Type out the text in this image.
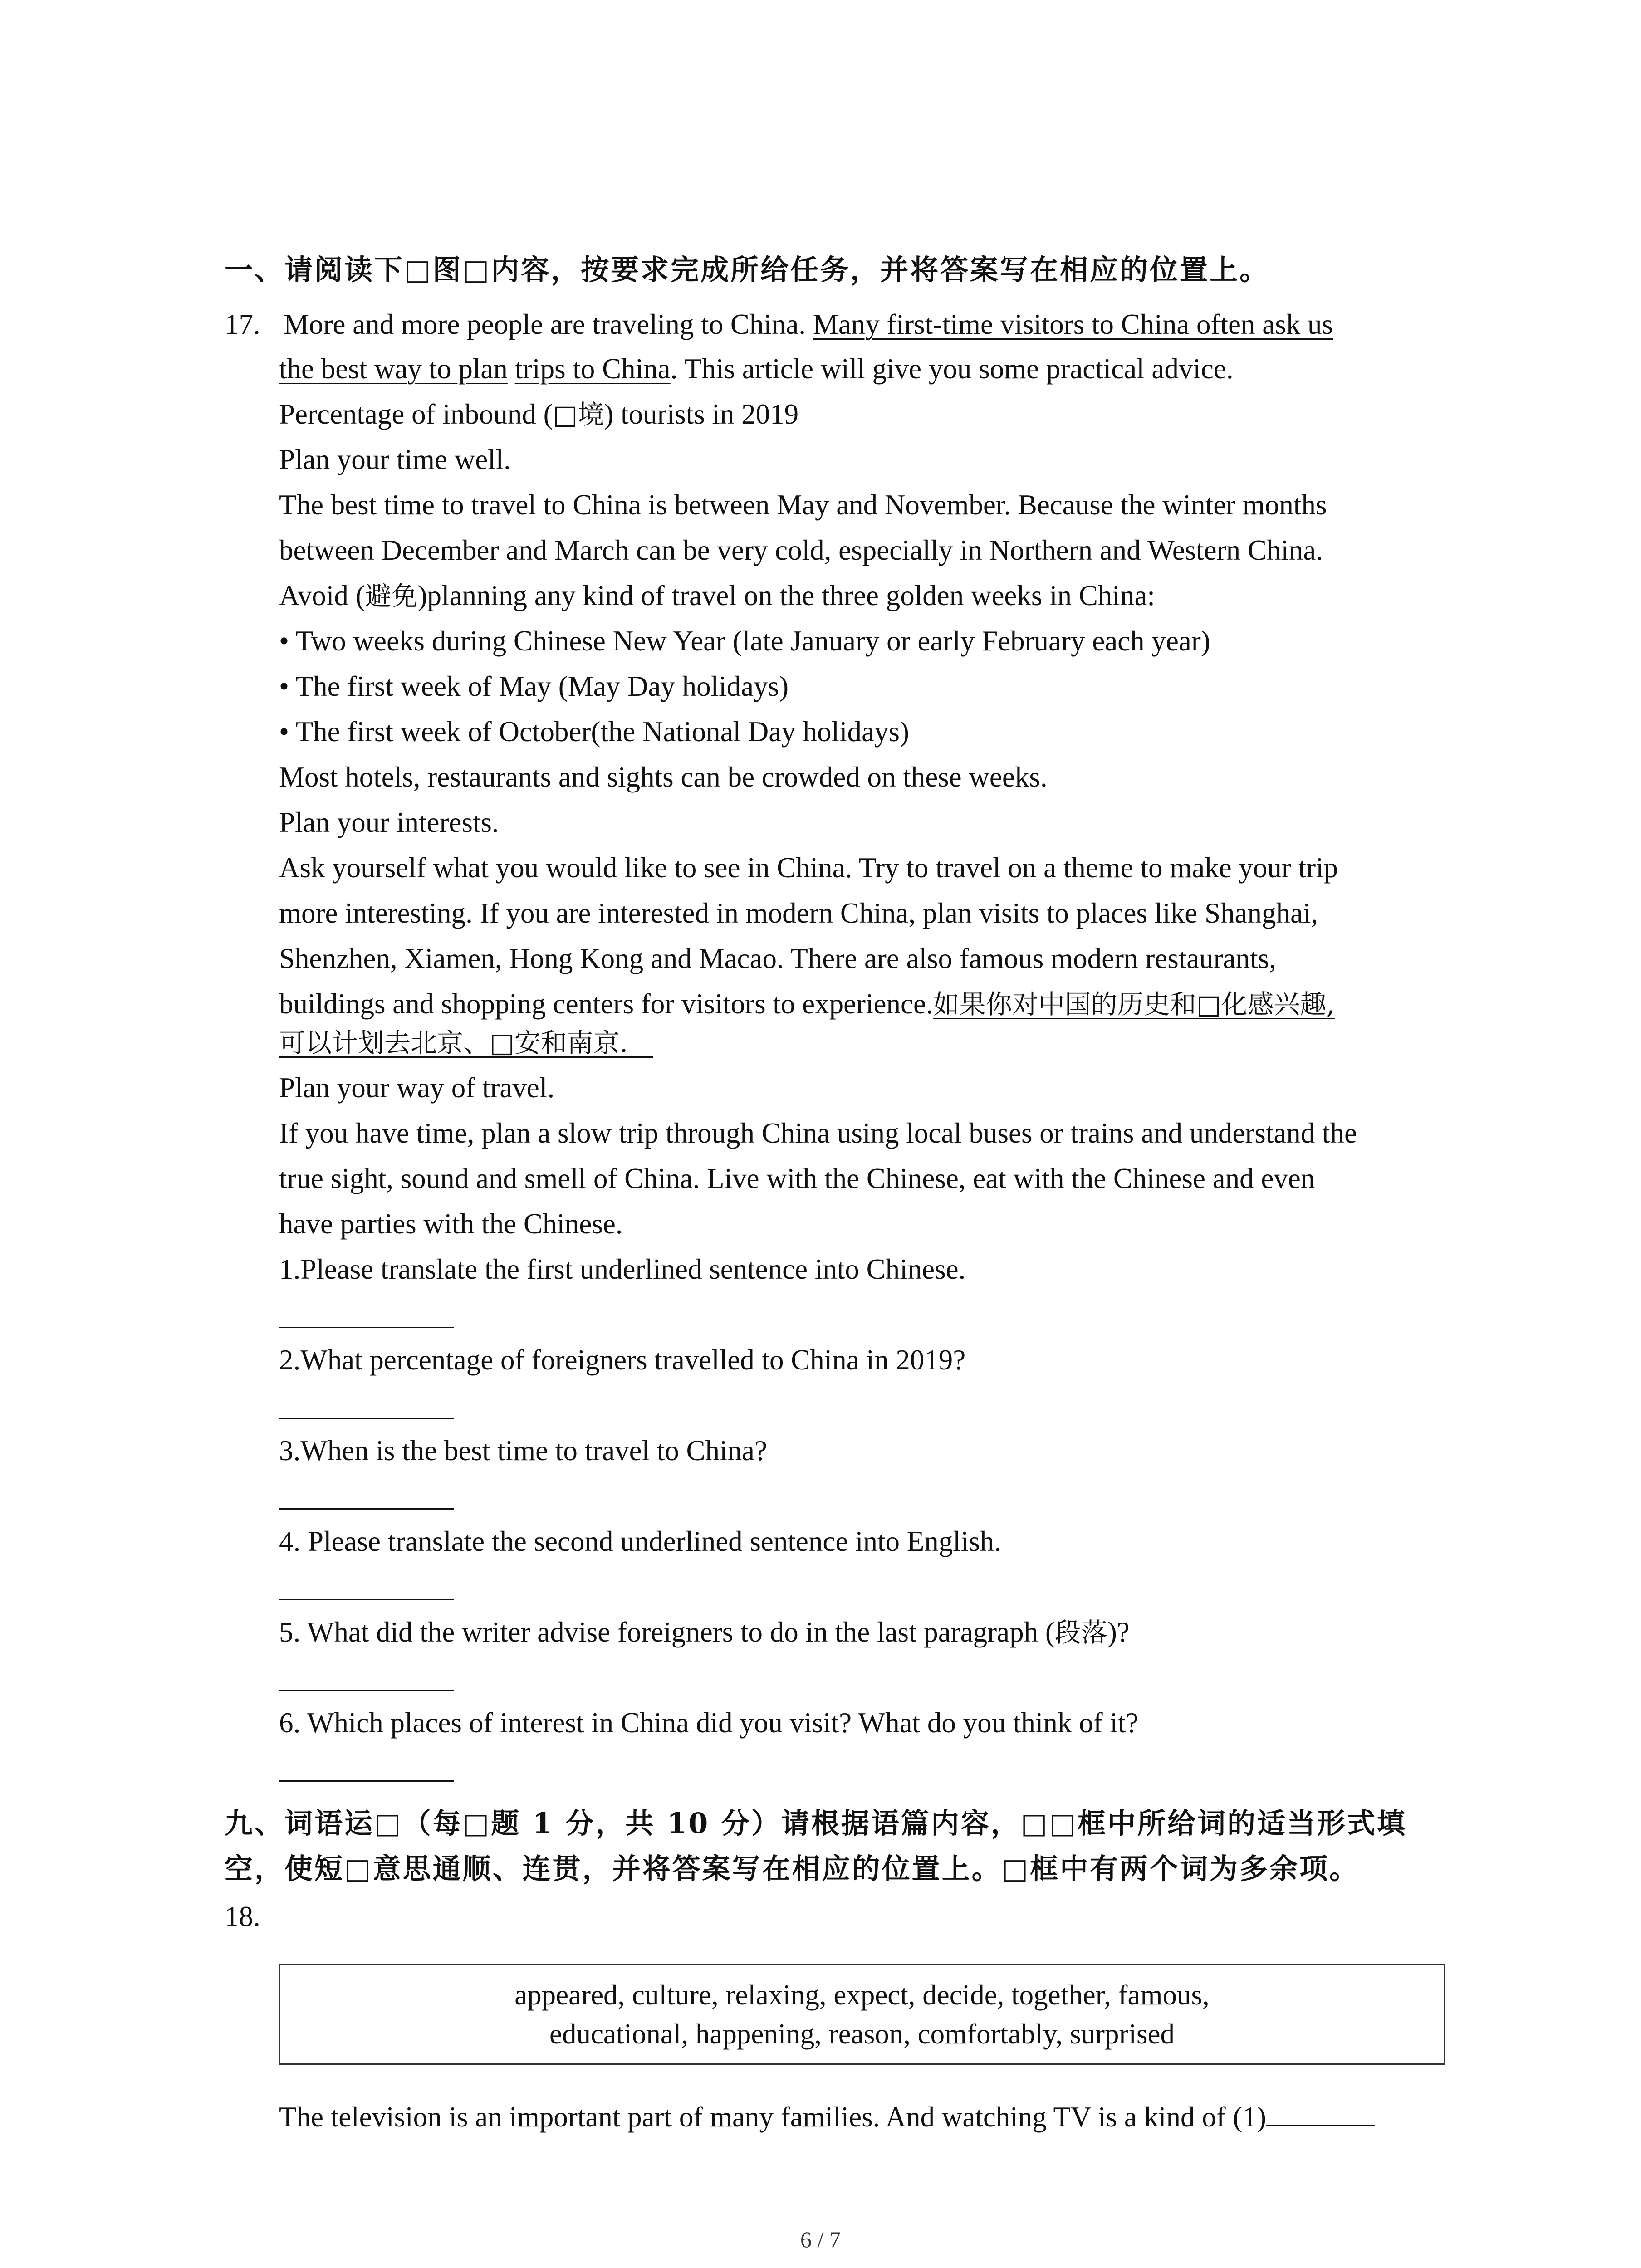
一、请阅读下□图□内容，按要求完成所给任务，并将答案写在相应的位置上。
17. More and more people are traveling to China. Many first-time visitors to China often ask us
the best way to plan trips to China. This article will give you some practical advice.
Percentage of inbound (□境) tourists in 2019
Plan your time well.
The best time to travel to China is between May and November. Because the winter months
between December and March can be very cold, especially in Northern and Western China.
Avoid (避免)planning any kind of travel on the three golden weeks in China:
• Two weeks during Chinese New Year (late January or early February each year)
• The first week of May (May Day holidays)
• The first week of October(the National Day holidays)
Most hotels, restaurants and sights can be crowded on these weeks.
Plan your interests.
Ask yourself what you would like to see in China. Try to travel on a theme to make your trip
more interesting. If you are interested in modern China, plan visits to places like Shanghai,
Shenzhen, Xiamen, Hong Kong and Macao. There are also famous modern restaurants,
buildings and shopping centers for visitors to experience.如果你对中国的历史和□化感兴趣,
可以计划去北京、□安和南京.
Plan your way of travel.
If you have time, plan a slow trip through China using local buses or trains and understand the
true sight, sound and smell of China. Live with the Chinese, eat with the Chinese and even
have parties with the Chinese.
1.Please translate the first underlined sentence into Chinese.
2.What percentage of foreigners travelled to China in 2019?
3.When is the best time to travel to China?
4. Please translate the second underlined sentence into English.
5. What did the writer advise foreigners to do in the last paragraph (段落)?
6. Which places of interest in China did you visit? What do you think of it?
九、词语运□（每□题 1 分，共 10 分）请根据语篇内容，□□框中所给词的适当形式填
空，使短□意思通顺、连贯，并将答案写在相应的位置上。□框中有两个词为多余项。
18.
appeared, culture, relaxing, expect, decide, together, famous,
educational, happening, reason, comfortably, surprised
The television is an important part of many families. And watching TV is a kind of (1)
6 / 7
